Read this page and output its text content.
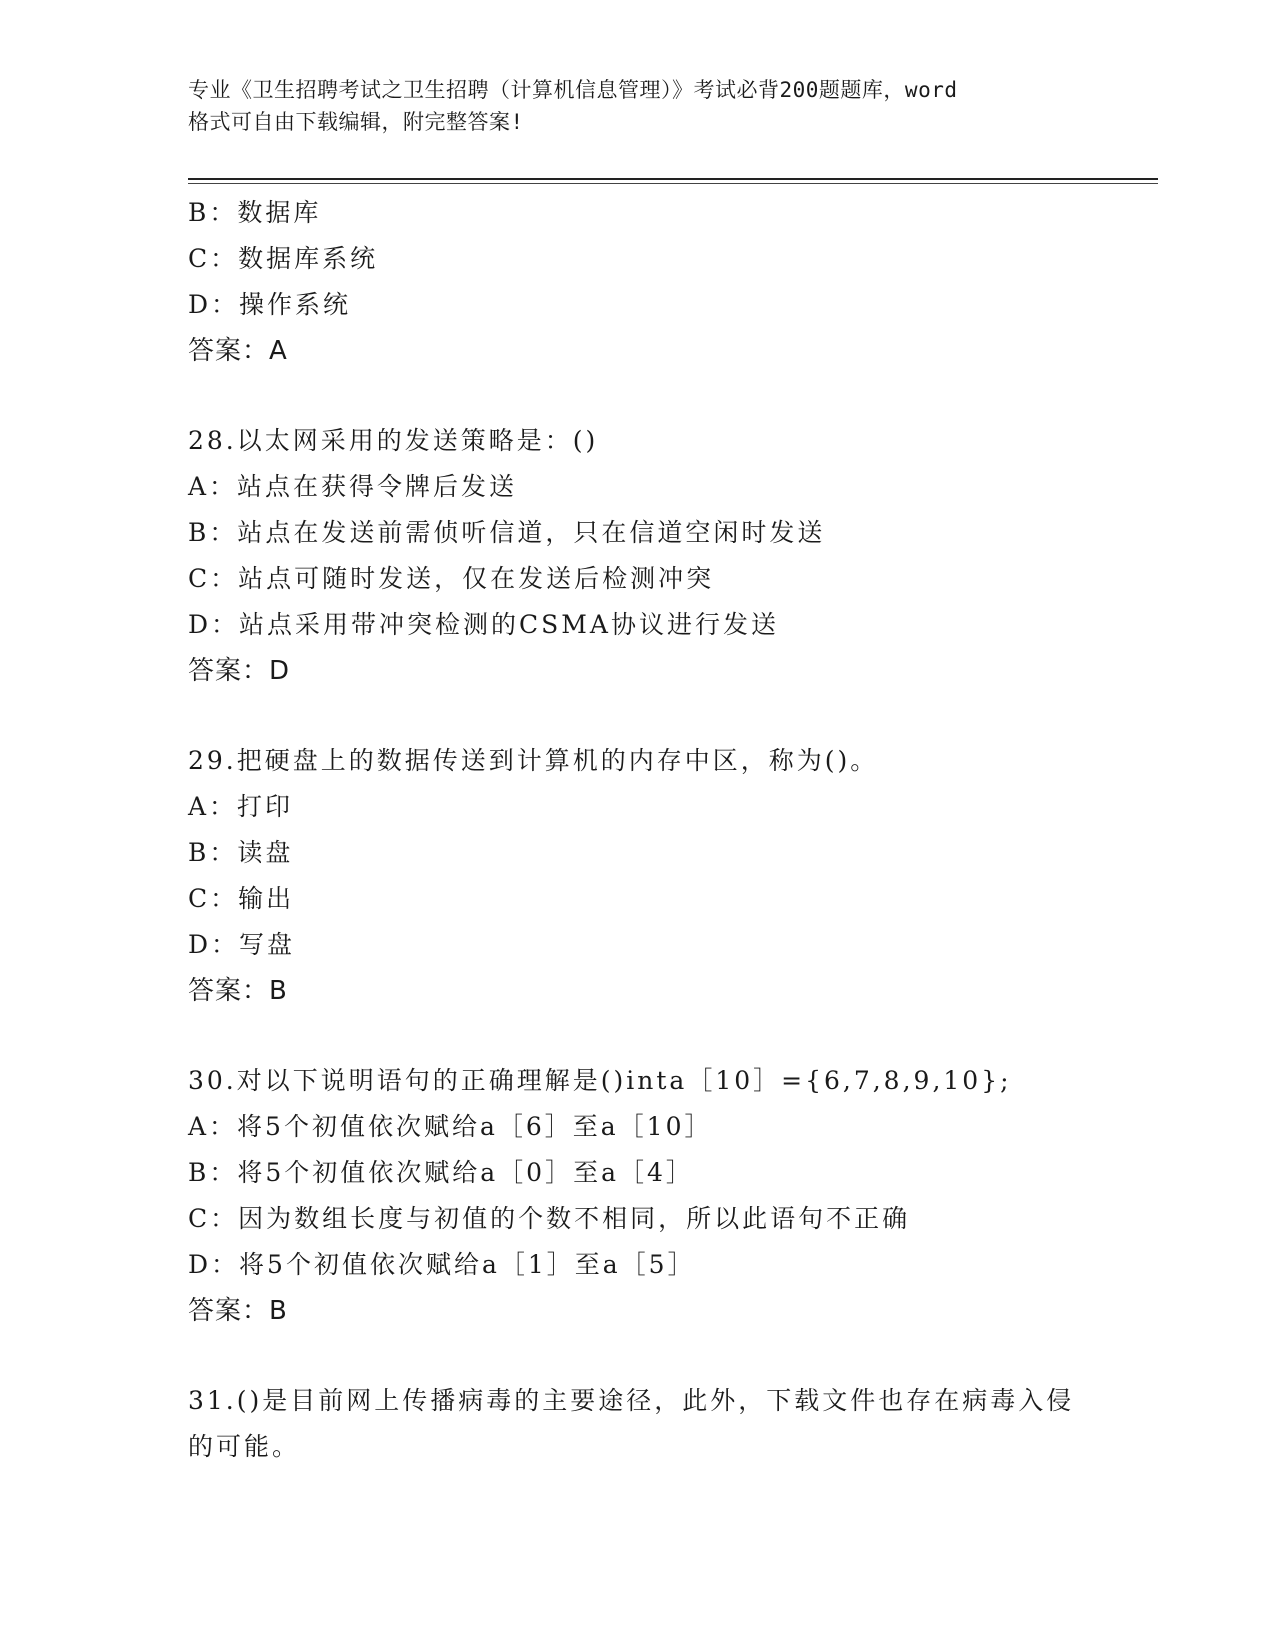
专业《卫生招聘考试之卫生招聘（计算机信息管理）》考试必背200题题库，word
格式可自由下载编辑，附完整答案!
B：数据库
C：数据库系统
D：操作系统
答案：A
28.以太网采用的发送策略是：()
A：站点在获得令牌后发送
B：站点在发送前需侦听信道，只在信道空闲时发送
C：站点可随时发送，仅在发送后检测冲突
D：站点采用带冲突检测的CSMA协议进行发送
答案：D
29.把硬盘上的数据传送到计算机的内存中区，称为()。
A：打印
B：读盘
C：输出
D：写盘
答案：B
30.对以下说明语句的正确理解是()inta［10］={6,7,8,9,10};
A：将5个初值依次赋给a［6］至a［10］
B：将5个初值依次赋给a［0］至a［4］
C：因为数组长度与初值的个数不相同，所以此语句不正确
D：将5个初值依次赋给a［1］至a［5］
答案：B
31.()是目前网上传播病毒的主要途径，此外，下载文件也存在病毒入侵的可能。
